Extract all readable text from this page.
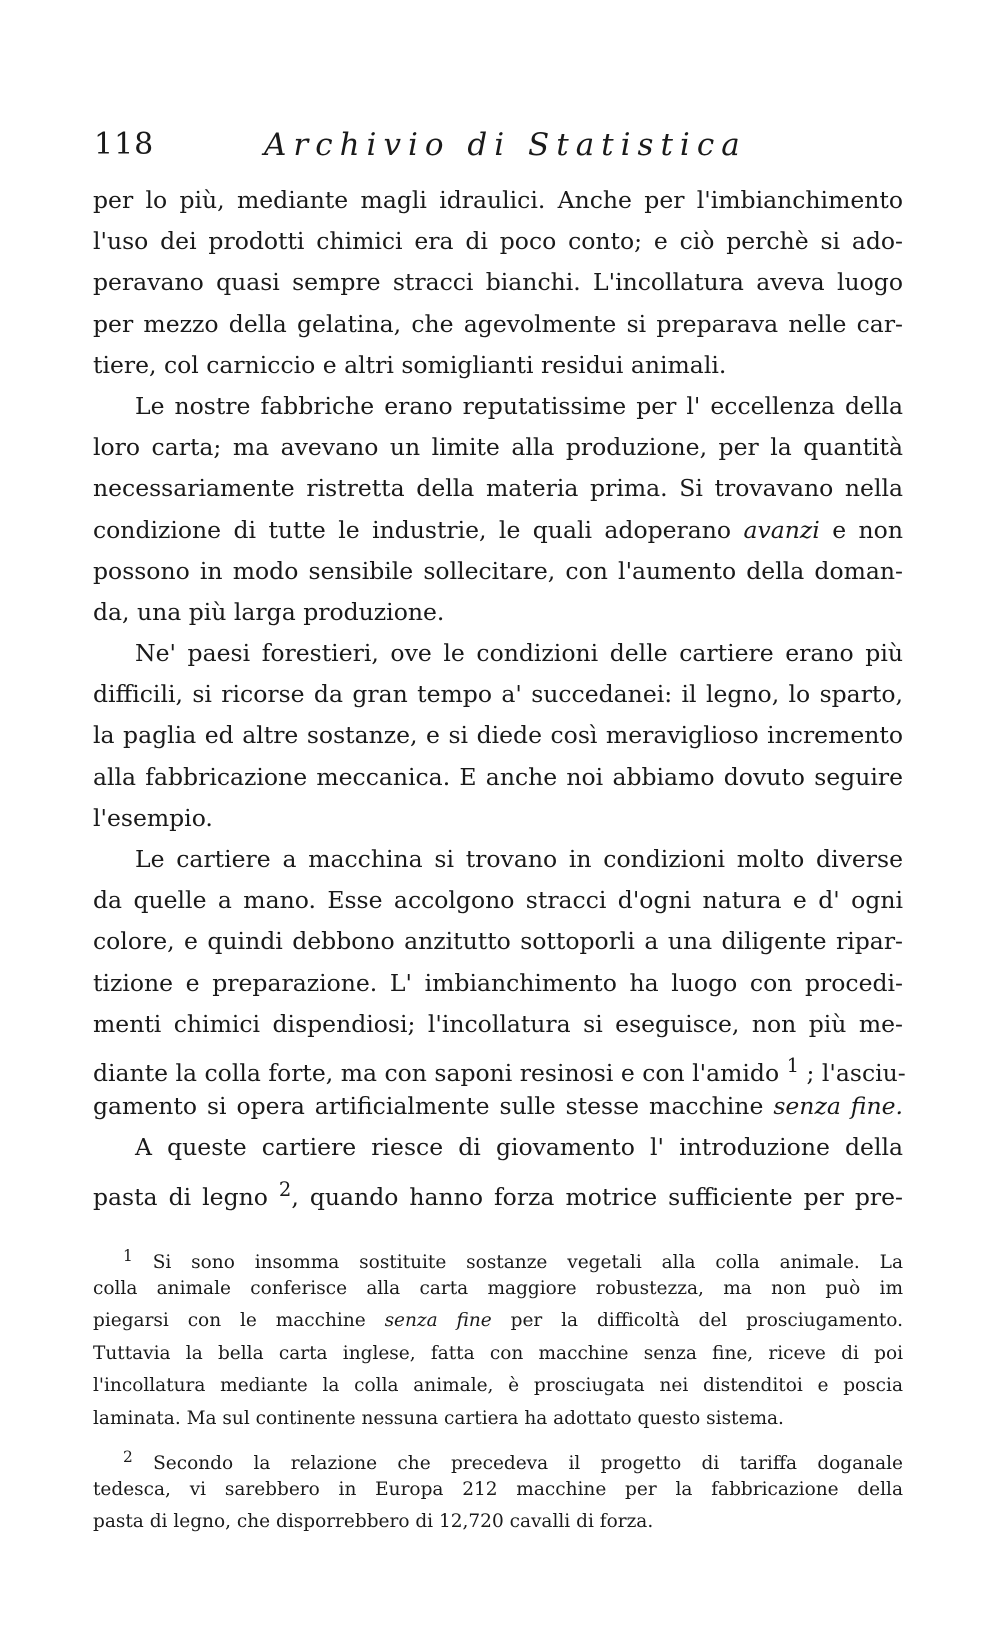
118	Archivio di Statistica
per lo più, mediante magli idraulici. Anche per l'imbianchimento
l'uso dei prodotti chimici era di poco conto; e ciò perchè si ado-
peravano quasi sempre stracci bianchi. L'incollatura aveva luogo
per mezzo della gelatina, che agevolmente si preparava nelle car-
tiere, col carniccio e altri somiglianti residui animali.
Le nostre fabbriche erano reputatissime per l' eccellenza della
loro carta; ma avevano un limite alla produzione, per la quantità
necessariamente ristretta della materia prima. Si trovavano nella
condizione di tutte le industrie, le quali adoperano avanzi e non
possono in modo sensibile sollecitare, con l'aumento della doman-
da, una più larga produzione.
Ne' paesi forestieri, ove le condizioni delle cartiere erano più
difficili, si ricorse da gran tempo a' succedanei: il legno, lo sparto,
la paglia ed altre sostanze, e si diede così meraviglioso incremento
alla fabbricazione meccanica. E anche noi abbiamo dovuto seguire
l'esempio.
Le cartiere a macchina si trovano in condizioni molto diverse
da quelle a mano. Esse accolgono stracci d'ogni natura e d' ogni
colore, e quindi debbono anzitutto sottoporli a una diligente ripar-
tizione e preparazione. L' imbianchimento ha luogo con procedi-
menti chimici dispendiosi; l'incollatura si eseguisce, non più me-
diante la colla forte, ma con saponi resinosi e con l'amido $^1$ ; l'asciu-
gamento si opera artificialmente sulle stesse macchine senza fine.
A queste cartiere riesce di giovamento l' introduzione della
pasta di legno $^2$, quando hanno forza motrice sufficiente per pre-
$^1$ Si sono insomma sostituite sostanze vegetali alla colla animale. La
colla animale conferisce alla carta maggiore robustezza, ma non può im
piegarsi con le macchine senza fine per la difficoltà del prosciugamento.
Tuttavia la bella carta inglese, fatta con macchine senza fine, riceve di poi
l'incollatura mediante la colla animale, è prosciugata nei distenditoi e poscia
laminata. Ma sul continente nessuna cartiera ha adottato questo sistema.
$^2$ Secondo la relazione che precedeva il progetto di tariffa doganale
tedesca, vi sarebbero in Europa 212 macchine per la fabbricazione della
pasta di legno, che disporrebbero di 12,720 cavalli di forza.
